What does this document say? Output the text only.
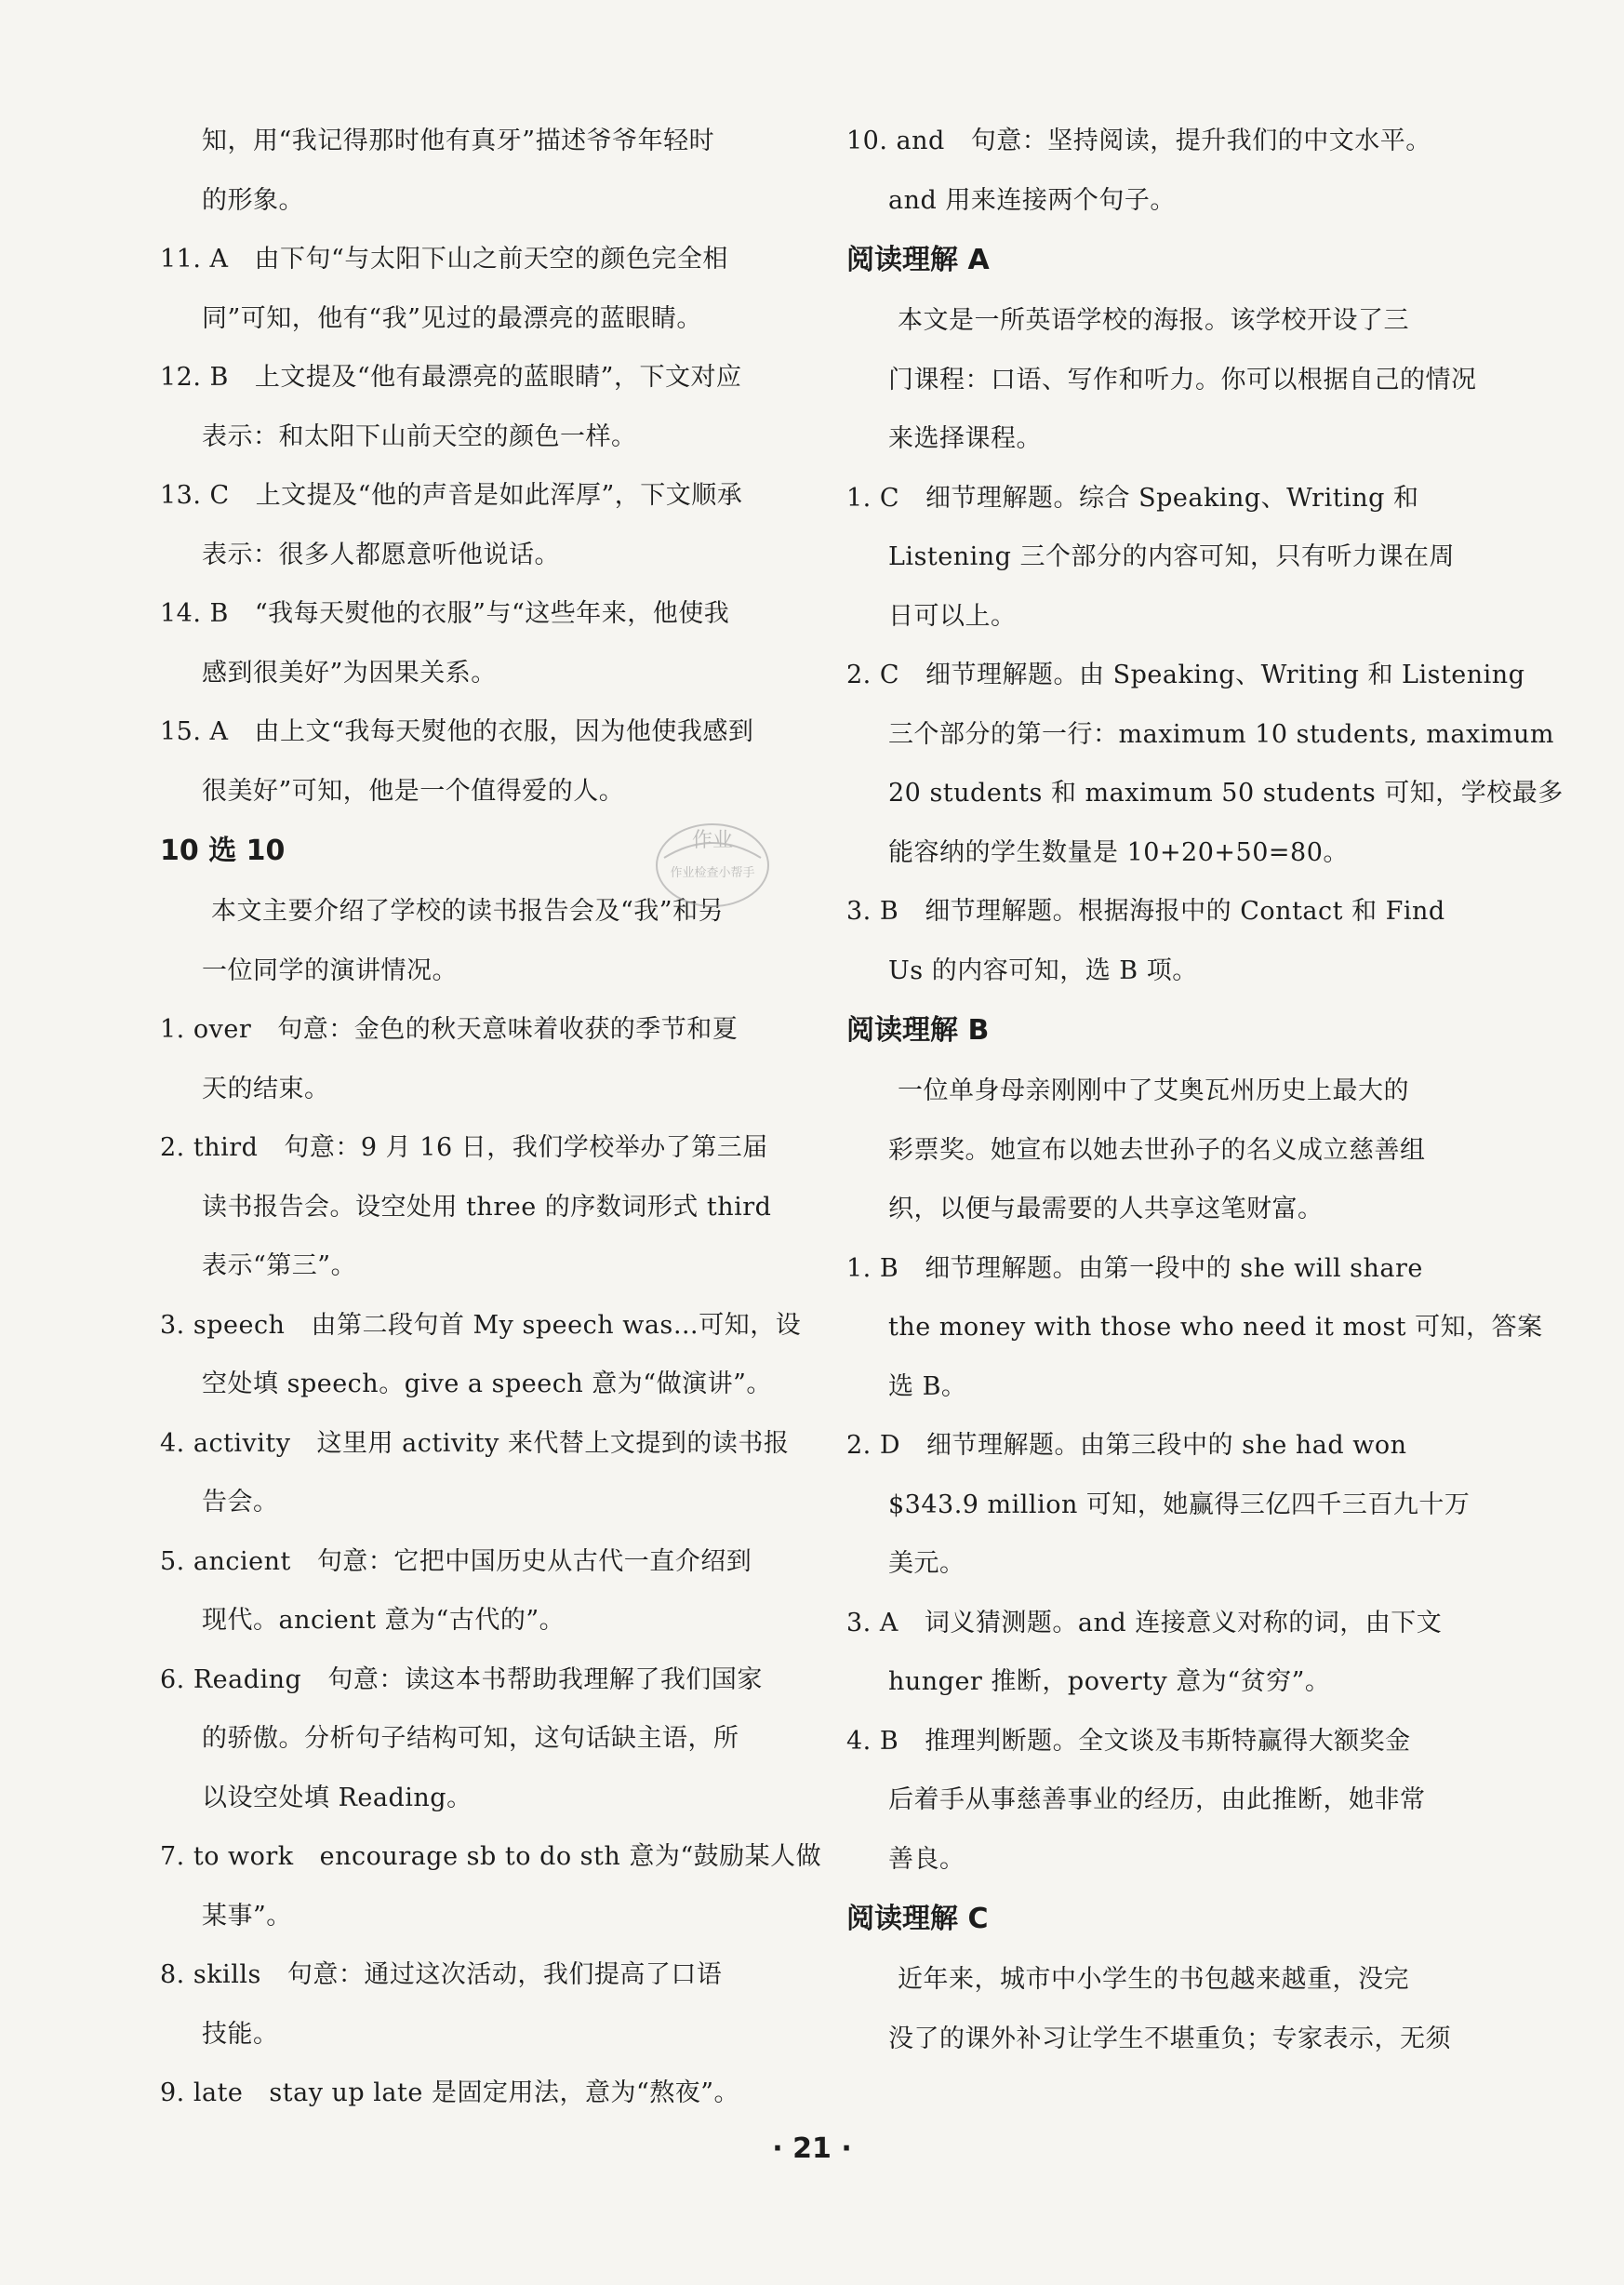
知，用“我记得那时他有真牙”描述爷爷年轻时
的形象。
11. A 由下句“与太阳下山之前天空的颜色完全相
同”可知，他有“我”见过的最漂亮的蓝眼睛。
12. B 上文提及“他有最漂亮的蓝眼睛”，下文对应
表示：和太阳下山前天空的颜色一样。
13. C 上文提及“他的声音是如此浑厚”，下文顺承
表示：很多人都愿意听他说话。
14. B “我每天熨他的衣服”与“这些年来，他使我
感到很美好”为因果关系。
15. A 由上文“我每天熨他的衣服，因为他使我感到
很美好”可知，他是一个值得爱的人。
10 选 10
本文主要介绍了学校的读书报告会及“我”和另
一位同学的演讲情况。
1. over 句意：金色的秋天意味着收获的季节和夏
天的结束。
2. third 句意：9 月 16 日，我们学校举办了第三届
读书报告会。设空处用 three 的序数词形式 third
表示“第三”。
3. speech 由第二段句首 My speech was…可知，设
空处填 speech。give a speech 意为“做演讲”。
4. activity 这里用 activity 来代替上文提到的读书报
告会。
5. ancient 句意：它把中国历史从古代一直介绍到
现代。ancient 意为“古代的”。
6. Reading 句意：读这本书帮助我理解了我们国家
的骄傲。分析句子结构可知，这句话缺主语，所
以设空处填 Reading。
7. to work encourage sb to do sth 意为“鼓励某人做
某事”。
8. skills 句意：通过这次活动，我们提高了口语
技能。
9. late stay up late 是固定用法，意为“熬夜”。
10. and 句意：坚持阅读，提升我们的中文水平。
and 用来连接两个句子。
阅读理解 A
本文是一所英语学校的海报。该学校开设了三
门课程：口语、写作和听力。你可以根据自己的情况
来选择课程。
1. C 细节理解题。综合 Speaking、Writing 和
Listening 三个部分的内容可知，只有听力课在周
日可以上。
2. C 细节理解题。由 Speaking、Writing 和 Listening
三个部分的第一行：maximum 10 students, maximum
20 students 和 maximum 50 students 可知，学校最多
能容纳的学生数量是 10+20+50=80。
3. B 细节理解题。根据海报中的 Contact 和 Find
Us 的内容可知，选 B 项。
阅读理解 B
一位单身母亲刚刚中了艾奥瓦州历史上最大的
彩票奖。她宣布以她去世孙子的名义成立慈善组
织，以便与最需要的人共享这笔财富。
1. B 细节理解题。由第一段中的 she will share
the money with those who need it most 可知，答案
选 B。
2. D 细节理解题。由第三段中的 she had won
$343.9 million 可知，她赢得三亿四千三百九十万
美元。
3. A 词义猜测题。and 连接意义对称的词，由下文
hunger 推断，poverty 意为“贫穷”。
4. B 推理判断题。全文谈及韦斯特赢得大额奖金
后着手从事慈善事业的经历，由此推断，她非常
善良。
阅读理解 C
近年来，城市中小学生的书包越来越重，没完
没了的课外补习让学生不堪重负；专家表示，无须
作业
作业检查小帮手
· 21 ·
